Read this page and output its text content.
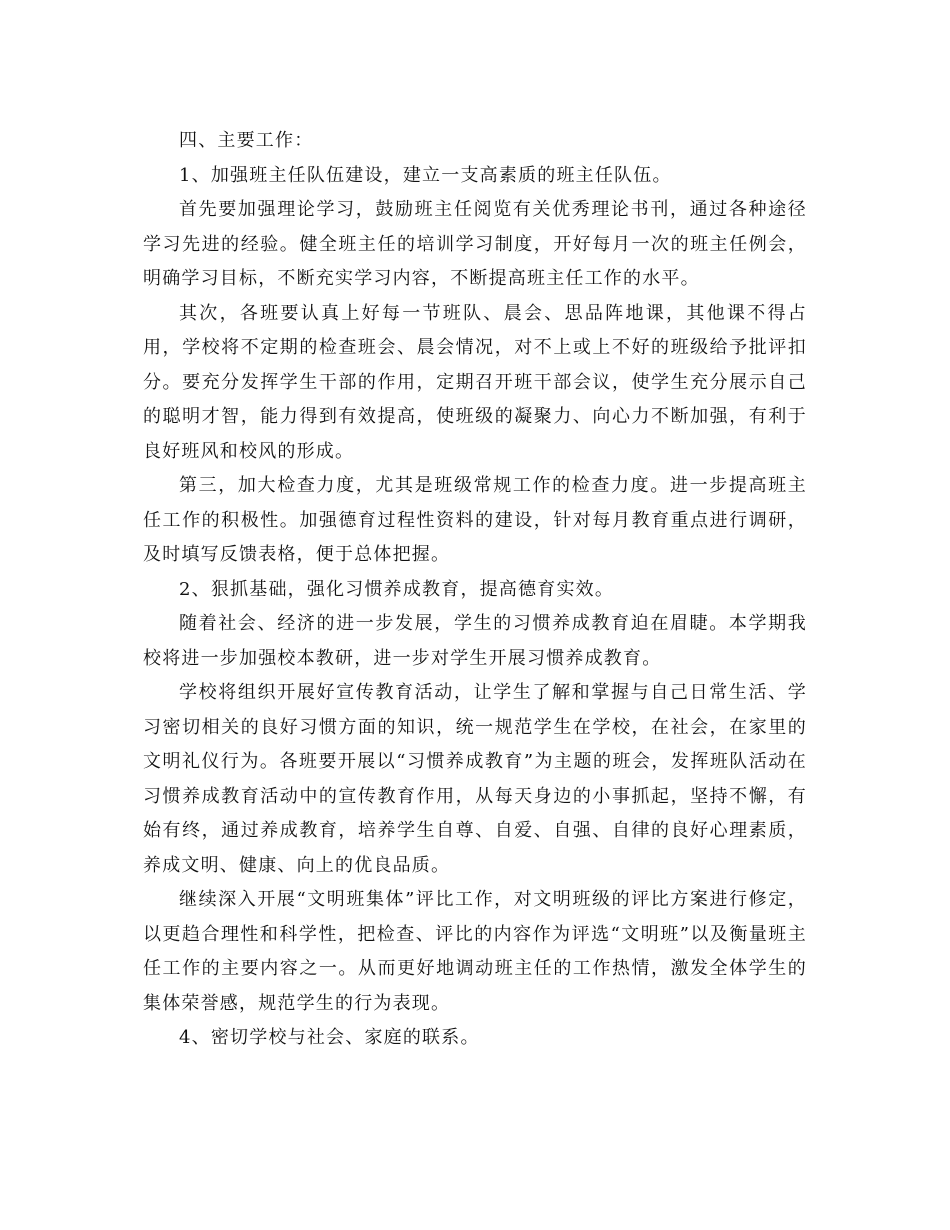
四、主要工作：

1、加强班主任队伍建设，建立一支高素质的班主任队伍。

首先要加强理论学习，鼓励班主任阅览有关优秀理论书刊，通过各种途径学习先进的经验。健全班主任的培训学习制度，开好每月一次的班主任例会，明确学习目标，不断充实学习内容，不断提高班主任工作的水平。

其次，各班要认真上好每一节班队、晨会、思品阵地课，其他课不得占用，学校将不定期的检查班会、晨会情况，对不上或上不好的班级给予批评扣分。要充分发挥学生干部的作用，定期召开班干部会议，使学生充分展示自己的聪明才智，能力得到有效提高，使班级的凝聚力、向心力不断加强，有利于良好班风和校风的形成。

第三，加大检查力度，尤其是班级常规工作的检查力度。进一步提高班主任工作的积极性。加强德育过程性资料的建设，针对每月教育重点进行调研，及时填写反馈表格，便于总体把握。

2、狠抓基础，强化习惯养成教育，提高德育实效。

随着社会、经济的进一步发展，学生的习惯养成教育迫在眉睫。本学期我校将进一步加强校本教研，进一步对学生开展习惯养成教育。

学校将组织开展好宣传教育活动，让学生了解和掌握与自己日常生活、学习密切相关的良好习惯方面的知识，统一规范学生在学校，在社会，在家里的文明礼仪行为。各班要开展以“习惯养成教育”为主题的班会，发挥班队活动在习惯养成教育活动中的宣传教育作用，从每天身边的小事抓起，坚持不懈，有始有终，通过养成教育，培养学生自尊、自爱、自强、自律的良好心理素质，养成文明、健康、向上的优良品质。

继续深入开展“文明班集体”评比工作，对文明班级的评比方案进行修定，以更趋合理性和科学性，把检查、评比的内容作为评选“文明班”以及衡量班主任工作的主要内容之一。从而更好地调动班主任的工作热情，激发全体学生的集体荣誉感，规范学生的行为表现。

4、密切学校与社会、家庭的联系。
